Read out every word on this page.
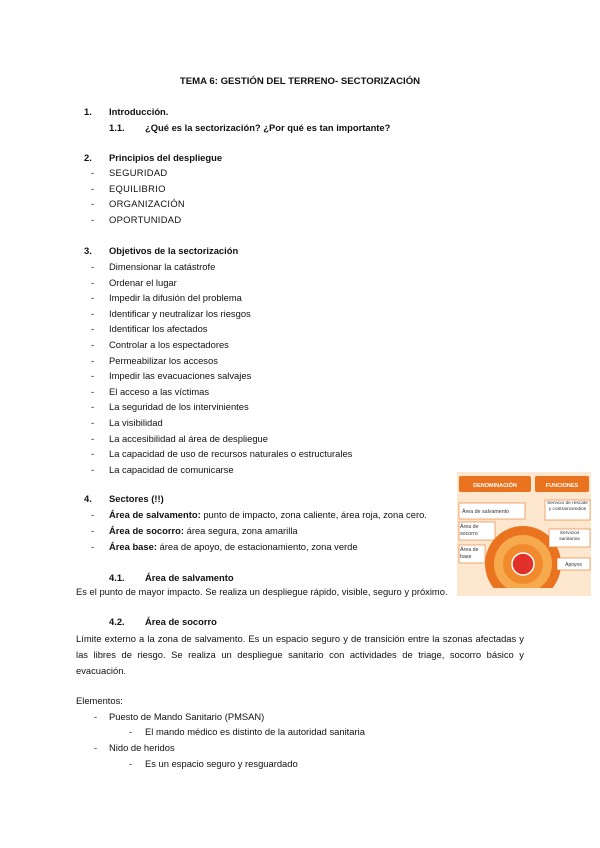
TEMA 6: GESTIÓN DEL TERRENO- SECTORIZACIÓN
1. Introducción.
1.1. ¿Qué es la sectorización? ¿Por qué es tan importante?
2. Principios del despliegue
- SEGURIDAD
- EQUILIBRIO
- ORGANIZACIÓN
- OPORTUNIDAD
3. Objetivos de la sectorización
- Dimensionar la catástrofe
- Ordenar el lugar
- Impedir la difusión del problema
- Identificar y neutralizar los riesgos
- Identificar los afectados
- Controlar a los espectadores
- Permeabilizar los accesos
- Impedir las evacuaciones salvajes
- El acceso a las víctimas
- La seguridad de los intervinientes
- La visibilidad
- La accesibilidad al área de despliegue
- La capacidad de uso de recursos naturales o estructurales
- La capacidad de comunicarse
4. Sectores (!!)
- Área de salvamento: punto de impacto, zona caliente, área roja, zona cero.
- Área de socorro: área segura, zona amarilla
- Área base: área de apoyo, de estacionamiento, zona verde
4.1. Área de salvamento
Es el punto de mayor impacto. Se realiza un despliegue rápido, visible, seguro y próximo.
4.2. Área de socorro
Límite externo a la zona de salvamento. Es un espacio seguro y de transición entre la szonas afectadas y las libres de riesgo. Se realiza un despliegue sanitario con actividades de triage, socorro básico y evacuación.
Elementos:
- Puesto de Mando Sanitario (PMSAN)
- El mando médico es distinto de la autoridad sanitaria
- Nido de heridos
- Es un espacio seguro y resguardado
DENOMINACIÓN	FUNCIONES
Área de salvamento
Área de socorro
Área de base
Servicio de rescate y contraincendios
Servicios sanitarios
Apoyos
